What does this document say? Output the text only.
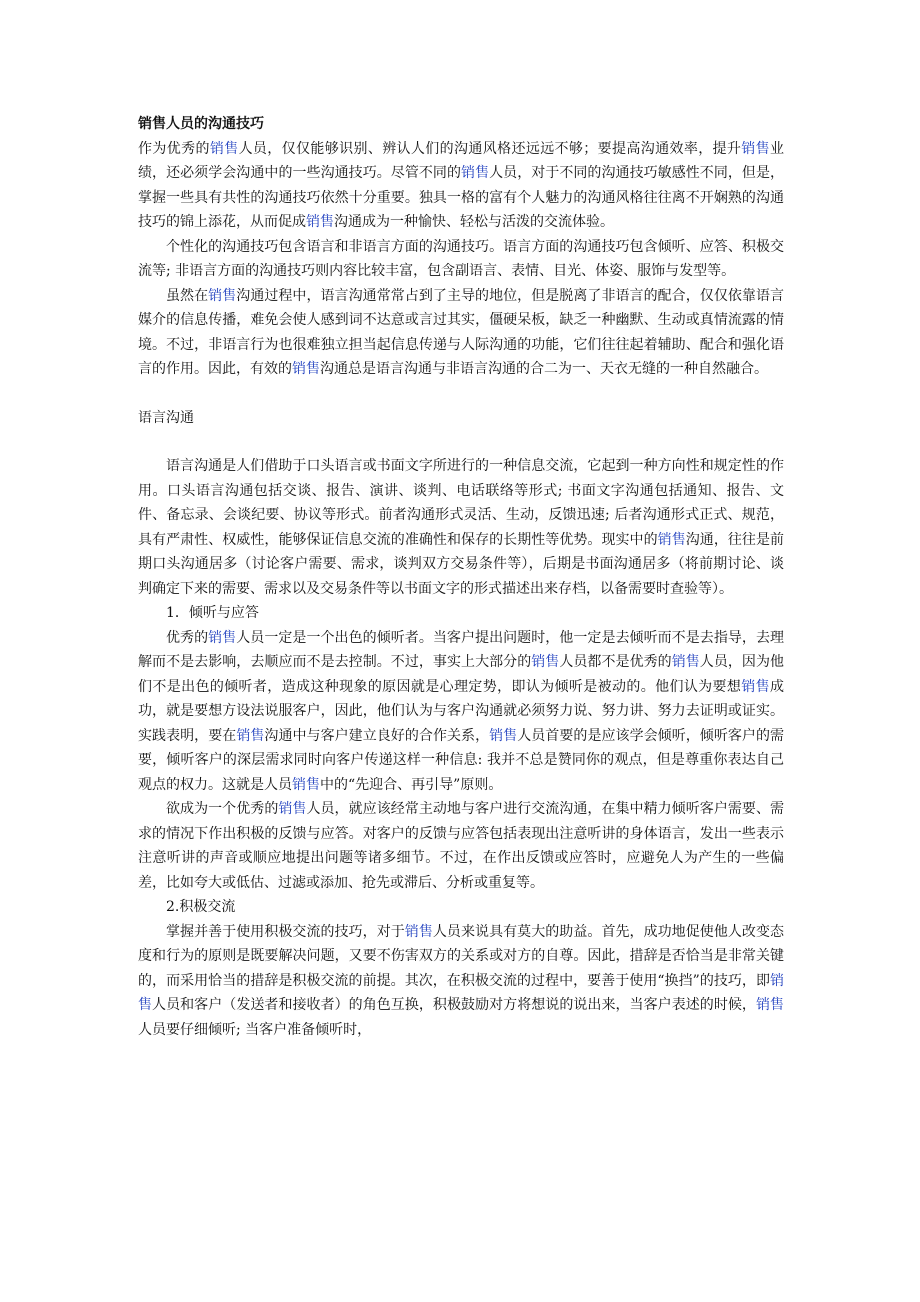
销售人员的沟通技巧

作为优秀的销售人员，仅仅能够识别、辨认人们的沟通风格还远远不够；要提高沟通效率，提升销售业绩，还必须学会沟通中的一些沟通技巧。尽管不同的销售人员，对于不同的沟通技巧敏感性不同，但是，掌握一些具有共性的沟通技巧依然十分重要。独具一格的富有个人魅力的沟通风格往往离不开娴熟的沟通技巧的锦上添花，从而促成销售沟通成为一种愉快、轻松与活泼的交流体验。

个性化的沟通技巧包含语言和非语言方面的沟通技巧。语言方面的沟通技巧包含倾听、应答、积极交流等; 非语言方面的沟通技巧则内容比较丰富，包含副语言、表情、目光、体姿、服饰与发型等。

虽然在销售沟通过程中，语言沟通常常占到了主导的地位，但是脱离了非语言的配合，仅仅依靠语言媒介的信息传播，难免会使人感到词不达意或言过其实，僵硬呆板，缺乏一种幽默、生动或真情流露的情境。不过，非语言行为也很难独立担当起信息传递与人际沟通的功能，它们往往起着辅助、配合和强化语言的作用。因此，有效的销售沟通总是语言沟通与非语言沟通的合二为一、天衣无缝的一种自然融合。

语言沟通

语言沟通是人们借助于口头语言或书面文字所进行的一种信息交流，它起到一种方向性和规定性的作用。口头语言沟通包括交谈、报告、演讲、谈判、电话联络等形式; 书面文字沟通包括通知、报告、文件、备忘录、会谈纪要、协议等形式。前者沟通形式灵活、生动，反馈迅速; 后者沟通形式正式、规范，具有严肃性、权威性，能够保证信息交流的准确性和保存的长期性等优势。现实中的销售沟通，往往是前期口头沟通居多（讨论客户需要、需求，谈判双方交易条件等），后期是书面沟通居多（将前期讨论、谈判确定下来的需要、需求以及交易条件等以书面文字的形式描述出来存档，以备需要时查验等）。

1．倾听与应答

优秀的销售人员一定是一个出色的倾听者。当客户提出问题时，他一定是去倾听而不是去指导，去理解而不是去影响，去顺应而不是去控制。不过，事实上大部分的销售人员都不是优秀的销售人员，因为他们不是出色的倾听者，造成这种现象的原因就是心理定势，即认为倾听是被动的。他们认为要想销售成功，就是要想方设法说服客户，因此，他们认为与客户沟通就必须努力说、努力讲、努力去证明或证实。实践表明，要在销售沟通中与客户建立良好的合作关系，销售人员首要的是应该学会倾听，倾听客户的需要，倾听客户的深层需求同时向客户传递这样一种信息: 我并不总是赞同你的观点，但是尊重你表达自己观点的权力。这就是人员销售中的“先迎合、再引导”原则。

欲成为一个优秀的销售人员，就应该经常主动地与客户进行交流沟通，在集中精力倾听客户需要、需求的情况下作出积极的反馈与应答。对客户的反馈与应答包括表现出注意听讲的身体语言，发出一些表示注意听讲的声音或顺应地提出问题等诸多细节。不过，在作出反馈或应答时，应避免人为产生的一些偏差，比如夸大或低估、过滤或添加、抢先或滞后、分析或重复等。

2.积极交流

掌握并善于使用积极交流的技巧，对于销售人员来说具有莫大的助益。首先，成功地促使他人改变态度和行为的原则是既要解决问题，又要不伤害双方的关系或对方的自尊。因此，措辞是否恰当是非常关键的，而采用恰当的措辞是积极交流的前提。其次，在积极交流的过程中，要善于使用“换挡”的技巧，即销售人员和客户（发送者和接收者）的角色互换，积极鼓励对方将想说的说出来，当客户表述的时候，销售人员要仔细倾听; 当客户准备倾听时，
